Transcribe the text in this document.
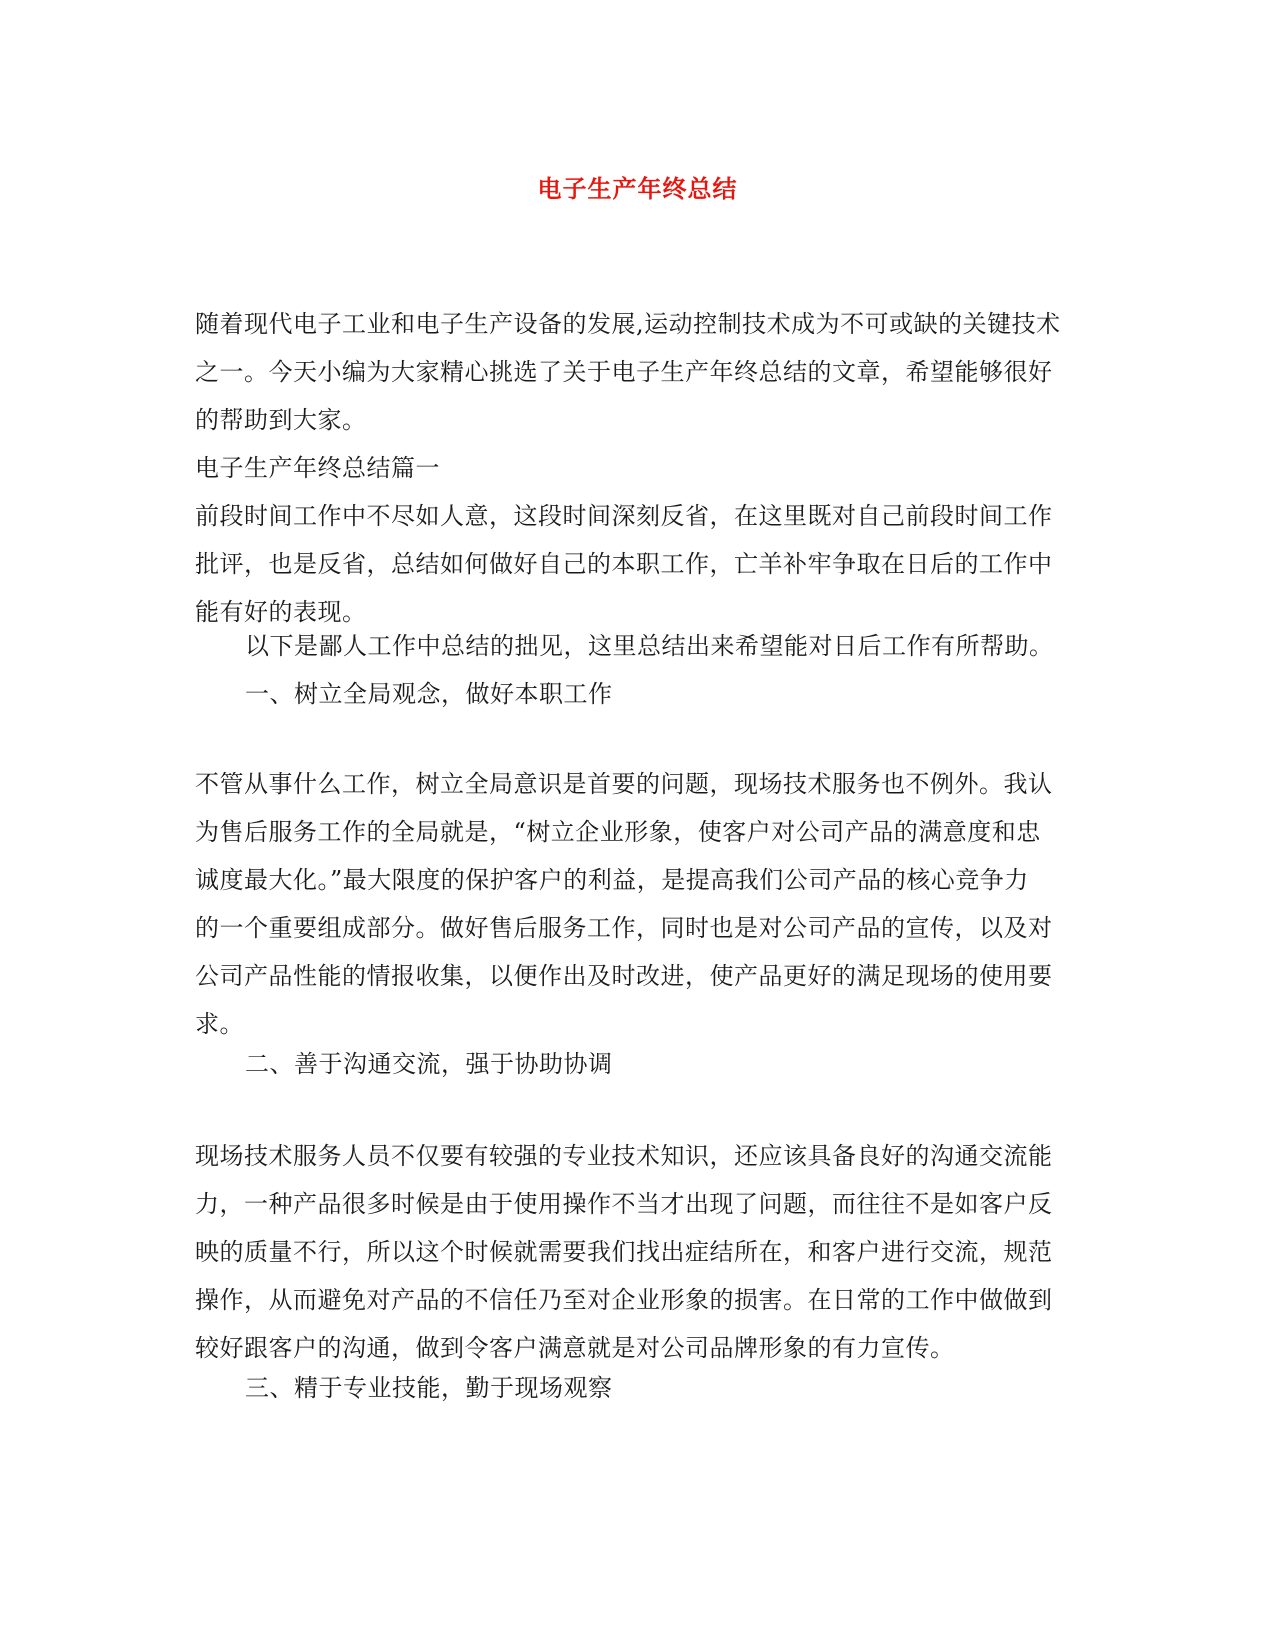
电子生产年终总结
随着现代电子工业和电子生产设备的发展,运动控制技术成为不可或缺的关键技术
之一。今天小编为大家精心挑选了关于电子生产年终总结的文章，希望能够很好
的帮助到大家。
电子生产年终总结篇一
前段时间工作中不尽如人意，这段时间深刻反省，在这里既对自己前段时间工作
批评，也是反省，总结如何做好自己的本职工作，亡羊补牢争取在日后的工作中
能有好的表现。
以下是鄙人工作中总结的拙见，这里总结出来希望能对日后工作有所帮助。
一、树立全局观念，做好本职工作
不管从事什么工作，树立全局意识是首要的问题，现场技术服务也不例外。我认
为售后服务工作的全局就是，“树立企业形象，使客户对公司产品的满意度和忠
诚度最大化。”最大限度的保护客户的利益，是提高我们公司产品的核心竞争力
的一个重要组成部分。做好售后服务工作，同时也是对公司产品的宣传，以及对
公司产品性能的情报收集，以便作出及时改进，使产品更好的满足现场的使用要
求。
二、善于沟通交流，强于协助协调
现场技术服务人员不仅要有较强的专业技术知识，还应该具备良好的沟通交流能
力，一种产品很多时候是由于使用操作不当才出现了问题，而往往不是如客户反
映的质量不行，所以这个时候就需要我们找出症结所在，和客户进行交流，规范
操作，从而避免对产品的不信任乃至对企业形象的损害。在日常的工作中做做到
较好跟客户的沟通，做到令客户满意就是对公司品牌形象的有力宣传。
三、精于专业技能，勤于现场观察
